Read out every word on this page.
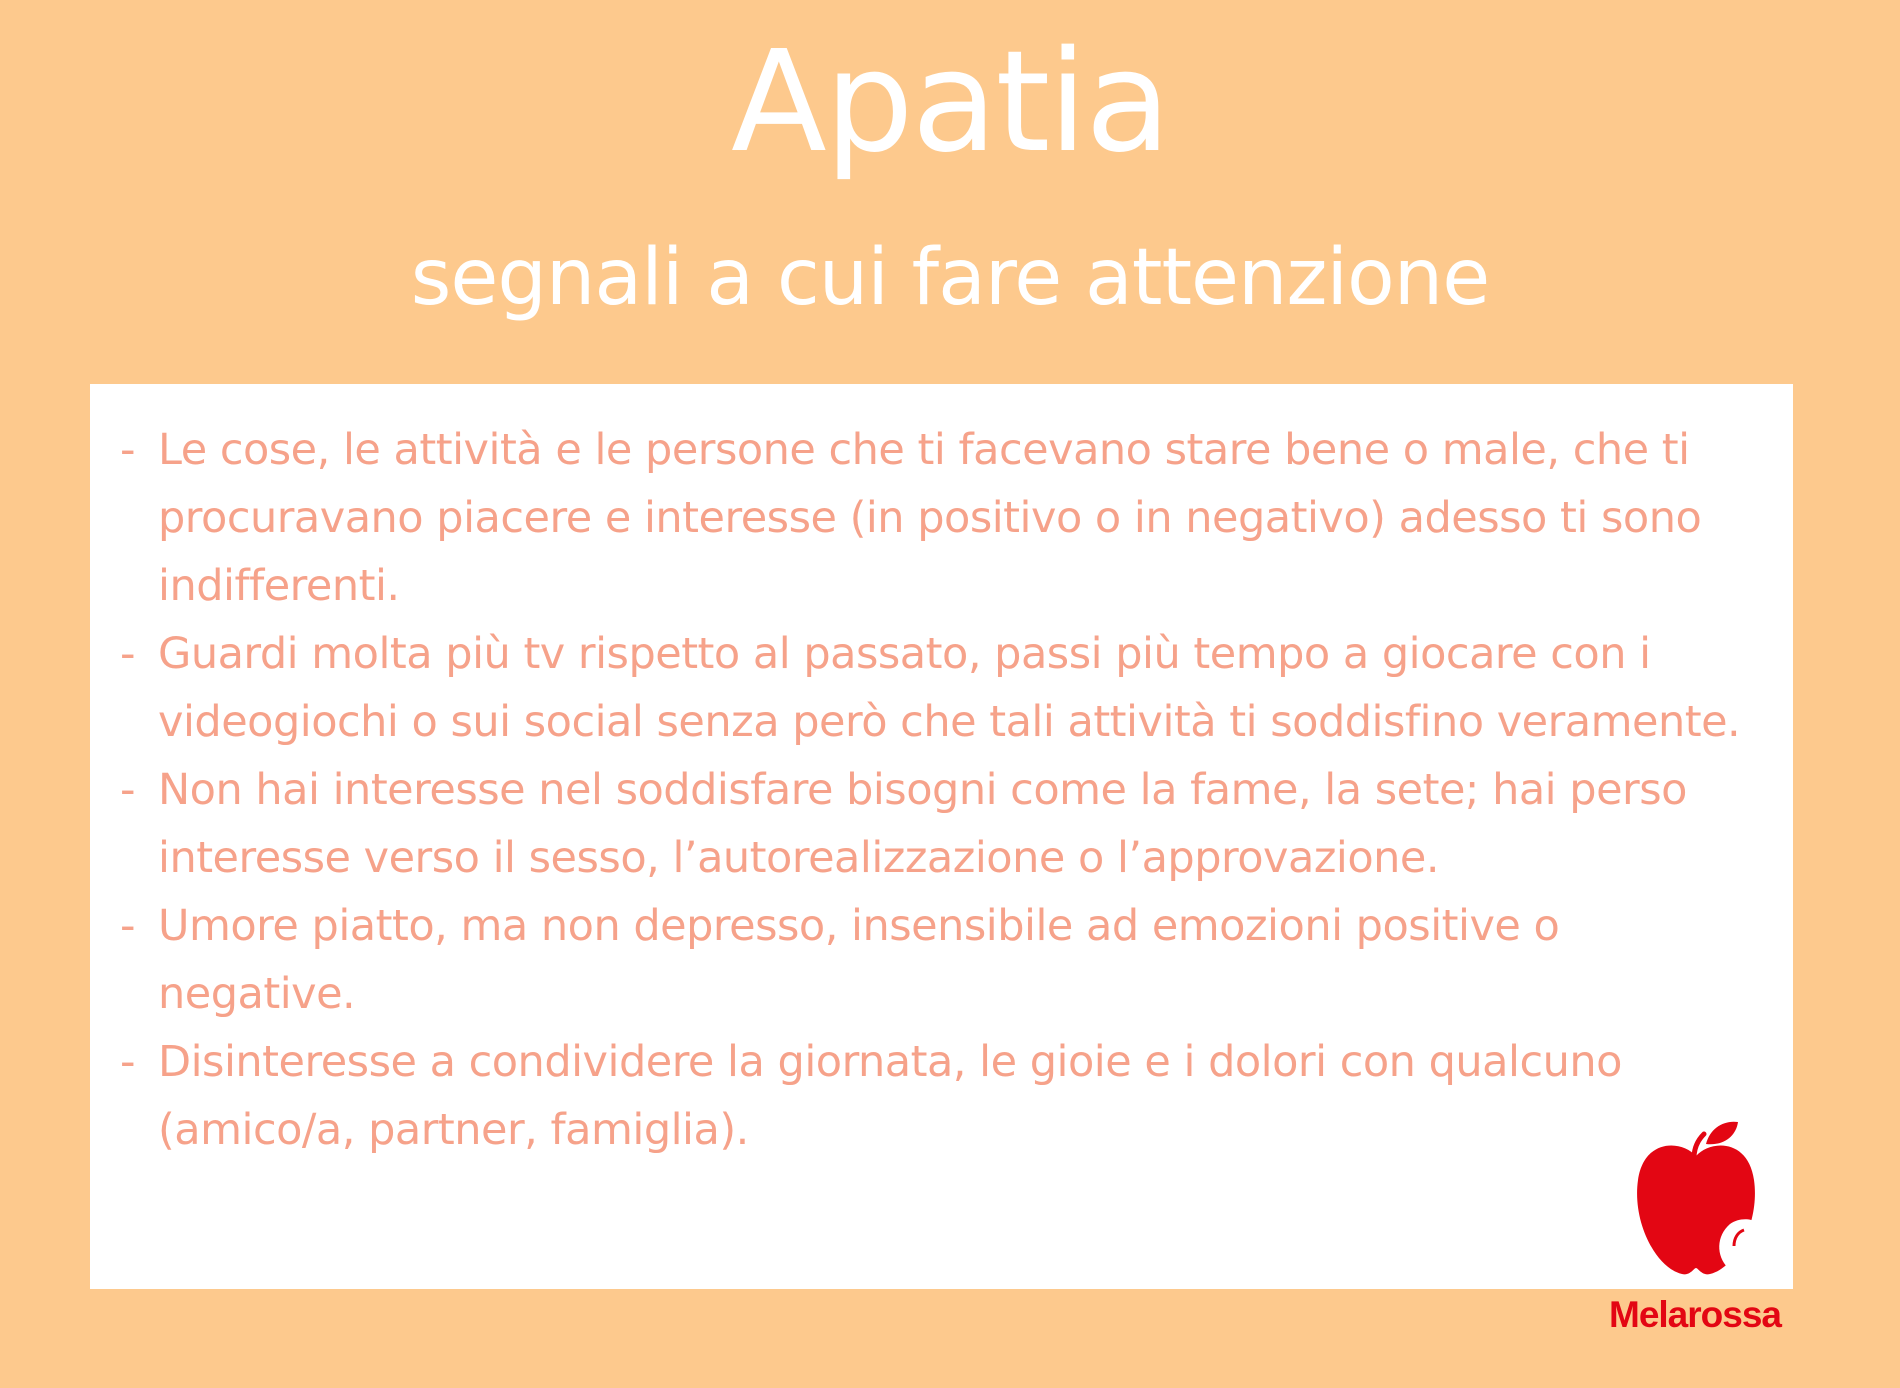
Apatia
segnali a cui fare attenzione
- Le cose, le attività e le persone che ti facevano stare bene o male, che ti procuravano piacere e interesse (in positivo o in negativo) adesso ti sono indifferenti.
- Guardi molta più tv rispetto al passato, passi più tempo a giocare con i videogiochi o sui social senza però che tali attività ti soddisfino veramente.
- Non hai interesse nel soddisfare bisogni come la fame, la sete; hai perso interesse verso il sesso, l’autorealizzazione o l’approvazione.
- Umore piatto, ma non depresso, insensibile ad emozioni positive o negative.
- Disinteresse a condividere la giornata, le gioie e i dolori con qualcuno (amico/a, partner, famiglia).
Melarossa
